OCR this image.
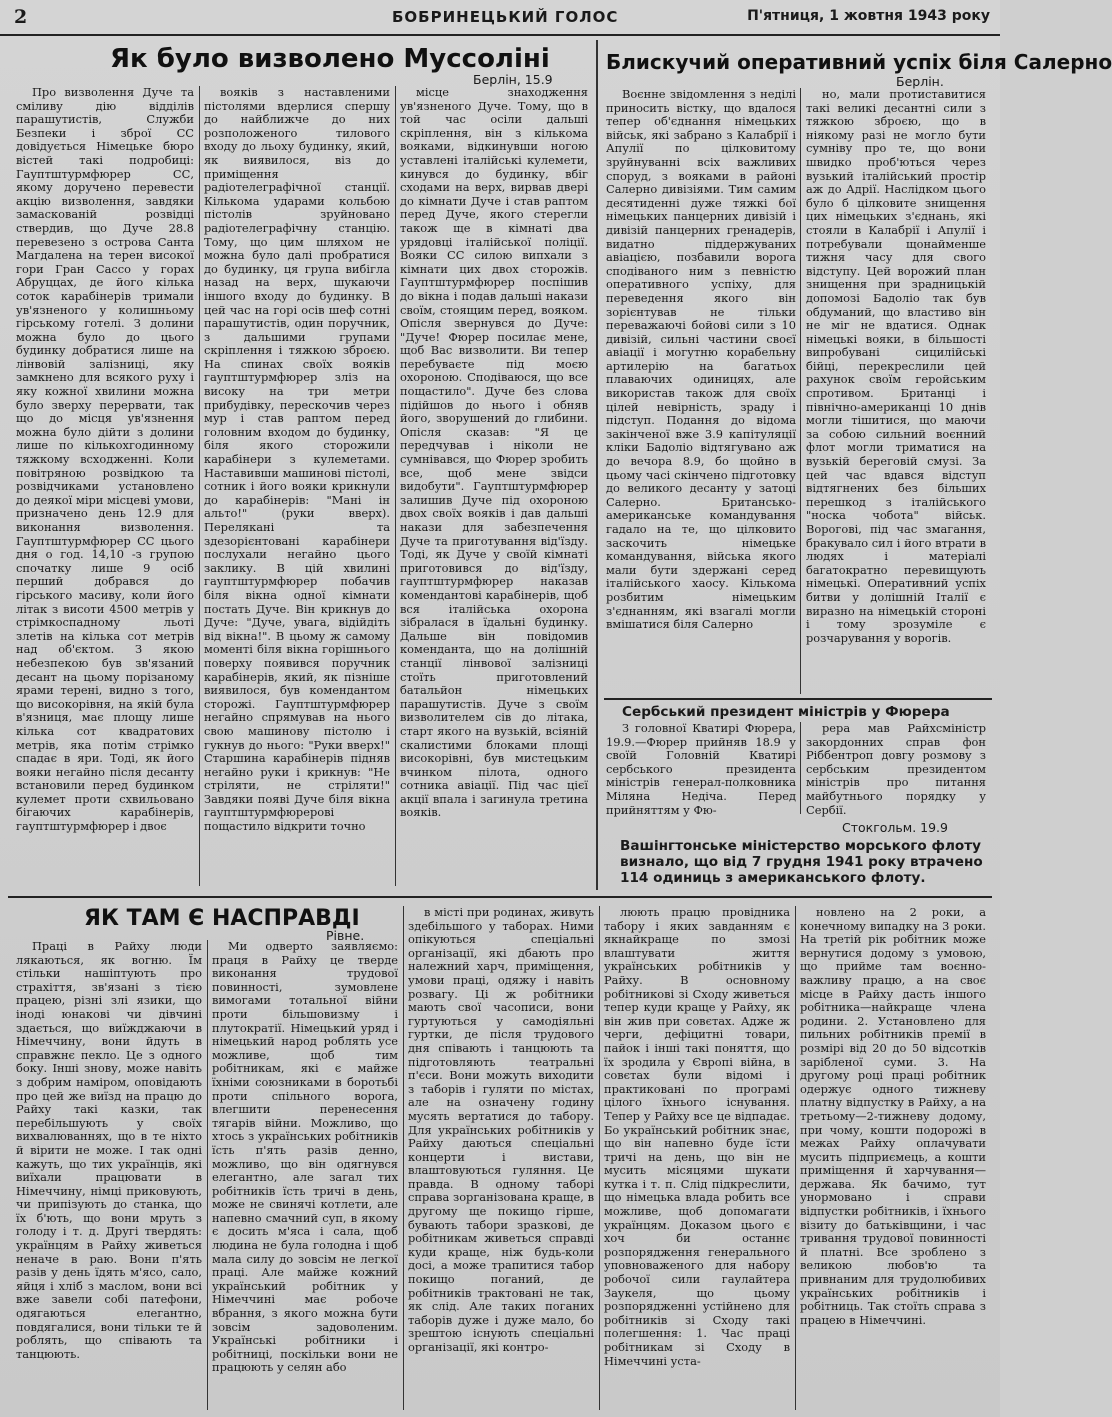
2	БОБРИНЕЦЬКИЙ ГОЛОС	П'ятниця, 1 жовтня 1943 року
Як було визволено Муссоліні
Берлін, 15.9

Про визволення Дуче та сміливу дію відділів парашутистів, Служби Безпеки і зброї СС довідується Німецьке бюро вістей такі подробиці: Гауптштурмфюрер СС, якому доручено перевести акцію визволення, завдяки замаскованій розвідці ствердив, що Дуче 28.8 перевезено з острова Санта Магдалена на терен високої гори Гран Сассо у горах Абруццах, де його кілька соток карабінерів тримали ув'язненого у колишньому гірському готелі. З долини можна було до цього будинку добратися лише на лінвовій залізниці, яку замкнено для всякого руху і яку кожної хвилини можна було зверху перервати, так що до місця ув'язнення можна було дійти з долини лише по кількохгодинному тяжкому всходженні. Коли повітряною розвідкою та розвідчиками установлено до деякої міри місцеві умови, призначено день 12.9 для виконання визволення. Гауптштурмфюрер СС цього дня о год. 14,10 -з групою спочатку лише 9 осіб перший добрався до гірського масиву, коли його літак з висоти 4500 метрів у стрімкоспадному льоті злетів на кілька сот метрів над об'єктом. З якою небезпекою був зв'язаний десант на цьому порізаному ярами терені, видно з того, що високорівня, на якій була в'язниця, має площу лише кілька сот квадратових метрів, яка потім стрімко спадає в яри. Тоді, як його вояки негайно після десанту встановили перед будинком кулемет проти схвильовано бігаючих карабінерів, гауптштурмфюрер і двоє

вояків з наставленими пістолями вдерлися спершу до найближче до них розположеного тилового входу до льоху будинку, який, як виявилося, віз до приміщення радіотелеграфічної станції. Кількома ударами кольбою пістолів зруйновано радіотелеграфічну станцію. Тому, що цим шляхом не можна було далі пробратися до будинку, ця група вибігла назад на верх, шукаючи іншого входу до будинку. В цей час на горі осів шеф сотні парашутистів, один поручник, з дальшими групами скріплення і тяжкою зброєю. На спинах своїх вояків гауптштурмфюрер зліз на високу на три метри прибудівку, перескочив через мур і став раптом перед головним входом до будинку, біля якого сторожили карабінери з кулеметами. Наставивши машинові пістолі, сотник і його вояки крикнули до карабінерів: "Мані ін альто!" (руки вверх). Переляканi та здезорієнтовані карабінери послухали негайно цього заклику. В цій хвилині гауптштурмфюрер побачив біля вікна одної кімнати постать Дуче. Він крикнув до Дуче: "Дуче, увага, відійдіть від вікна!". В цьому ж самому моменті біля вікна горішнього поверху появився поручник карабінерів, який, як пізніше виявилося, був комендантом сторожі. Гауптштурмфюрер негайно спрямував на нього свою машинову пістолю і гукнув до нього: "Руки вверх!" Старшина карабінерів підняв негайно руки і крикнув: "Не стріляти, не стріляти!" Завдяки появі Дуче біля вікна гауптштурмфюрерові пощастило відкрити точно

місце знаходження ув'язненого Дуче. Тому, що в той час осіли дальші скріплення, він з кількома вояками, відкинувши ногою уставлені італійські кулемети, кинувся до будинку, вбіг сходами на верх, вирвав двері до кімнати Дуче і став раптом перед Дуче, якого стерегли також ще в кімнаті два урядовці італійської поліції. Вояки СС силою випхали з кімнати цих двох сторожів. Гауптштурмфюрер поспішив до вікна і подав дальші накази своїм, стоящим перед, вояком. Опісля звернувся до Дуче: "Дуче! Фюрер посилає мене, щоб Вас визволити. Ви тепер перебуваєте під моєю охороною. Сподіваюся, що все пощастило". Дуче без слова підійшов до нього і обняв його, зворушений до глибини. Опісля сказав: "Я це передчував і ніколи не сумнівався, що Фюрер зробить все, щоб мене звідси видобути". Гауптштурмфюрер залишив Дуче під охороною двох своїх вояків і дав дальші накази для забезпечення Дуче та приготування від'їзду. Тоді, як Дуче у своїй кімнаті приготовився до від'їзду, гауптштурмфюрер наказав комендантові карабінерів, щоб вся італійська охорона зібралася в їдальні будинку. Дальше він повідомив коменданта, що на долішній станції лінвової залізниці стоїть приготовлений батальйон німецьких парашутистів. Дуче з своїм визволителем сів до літака, старт якого на вузькій, всіяній скалистими блоками площі високорівні, був мистецьким вчинком пілота, одного сотника авіації. Під час цієї акції впала і загинула третина вояків.

Блискучий оперативний успіх біля Салерно
Берлін.

Воєнне звідомлення з неділі приносить вістку, що вдалося тепер об'єднання німецьких військ, які забрано з Калабрії і Апулії по цілковитому зруйнуванні всіх важливих споруд, з вояками в районі Салерно дивізіями. Тим самим десятиденні дуже тяжкі бої німецьких панцерних дивізій і дивізій панцерних гренадерів, видатно піддержуваних авіацією, позбавили ворога сподіваного ним з певністю оперативного успіху, для переведення якого він зорієнтував не тільки переважаючі бойові сили з 10 дивізій, сильні частини своєї авіації і могутню корабельну артилерію на багатьох плаваючих одиницях, але використав також для своїх цілей невірність, зраду і підступ. Подання до відома закінченої вже 3.9 капітуляції кліки Бадоліо відтягувано аж до вечора 8.9, бо щойно в цьому часі скінчено підготовку до великого десанту у затоці Салерно. Британсько-американське командування гадало на те, що цілковито заскочить німецьке командування, війська якого мали бути здержані серед італійського хаосу. Кількома розбитим німецьким з'єднанням, які взагалі могли вмішатися біля Салерно

но, мали протиставитися такі великі десантні сили з тяжкою зброєю, що в ніякому разі не могло бути сумніву про те, що вони швидко проб'ються через вузький італійський простір аж до Адрії. Наслідком цього було б цілковите знищення цих німецьких з'єднань, які стояли в Калабрії і Апулії і потребували щонайменше тижня часу для свого відступу. Цей ворожий план знищення при зрадницькій допомозі Бадоліо так був обдуманий, що властиво він не міг не вдатися. Однак німецькі вояки, в більшості випробувані сицилійські бійці, перекреслили цей рахунок своїм геройським спротивом. Британці і північно-американці 10 днів могли тішитися, що маючи за собою сильний воєнний флот могли триматися на вузькій береговій смузі. За цей час вдався відступ відтягнених без більших перешкод з італійського "носка чобота" військ. Ворогові, під час змагання, бракувало сил і його втрати в людях і матеріалі багатократно перевищують німецькі. Оперативний успіх битви у долішній Італії є виразно на німецькій стороні і тому зрозуміле є розчарування у ворогів.

Сербський президент міністрів у Фюрера

З головної Кватирі Фюрера, 19.9.—Фюрер прийняв 18.9 у своїй Головній Кватирі сербського президента міністрів генерал-полковника Міляна Недіча. Перед прийняттям у Фю-

рера мав Райхсміністр закордонних справ фон Ріббентроп довгу розмову з сербським президентом міністрів про питання майбутнього порядку у Сербії.

Стокгольм. 19.9
Вашінгтонське міністерство морського флоту визнало, що від 7 грудня 1941 року втрачено 114 одиниць з американського флоту.
ЯК ТАМ Є НАСПРАВДІ
Рівне.

Праці в Райху люди лякаються, як вогню. Їм стільки нашіптують про страхіття, зв'язані з тією працею, різні злі язики, що іноді юнакові чи дівчині здається, що виїжджаючи в Німеччину, вони йдуть в справжнє пекло. Це з одного боку. Інші знову, може навіть з добрим наміром, оповідають про цей же виїзд на працю до Райху такі казки, так перебільшують у своїх вихвалюваннях, що в те ніхто й вірити не може. І так одні кажуть, що тих українців, які виїхали працювати в Німеччину, німці приковують, чи припізують до станка, що їх б'ють, що вони мруть з голоду і т. д. Другі твердять: українцям в Райху живеться неначе в раю. Вони п'ять разів у день їдять м'ясо, сало, яйця і хліб з маслом, вони всі вже завели собі патефони, одягаються елегантно, повдягалися, вони тільки те й роблять, що співають та танцюють.

Ми одверто заявляємо: праця в Райху це тверде виконання трудової повинності, зумовлене вимогами тотальної війни проти більшовизму і плутократії. Німецький уряд і німецький народ роблять усе можливе, щоб тим робітникам, які є майже їхніми союзниками в боротьбі проти спільного ворога, влегшити перенесення тягарів війни. Можливо, що хтось з українських робітників їсть п'ять разів денно, можливо, що він одягнувся елегантно, але загал тих робітників їсть тричі в день, може не свинячі котлети, але напевно смачний суп, в якому є досить м'яса і сала, щоб людина не була голодна і щоб мала силу до зовсім не легкої праці. Але майже кожний український робітник у Німеччині має робоче вбрання, з якого можна бути зовсім задоволеним. Українські робітники і робітниці, поскільки вони не працюють у селян або

в місті при родинах, живуть здебільшого у таборах. Ними опікуються спеціальні організації, які дбають про належний харч, приміщення, умови праці, одяжу і навіть розвагу. Ці ж робітники мають свої часописи, вони гуртуються у самодіяльні гуртки, де після трудового дня співають і танцюють та підготовляють театральні п'єси. Вони можуть виходити з таборів і гуляти по містах, але на означену годину мусять вертатися до табору. Для українських робітників у Райху даються спеціальні концерти і вистави, влаштовуються гуляння. Це правда. В одному таборі справа зорганізована краще, в другому ще покищо гірше, бувають табори зразкові, де робітникам живеться справді куди краще, ніж будь-коли досі, а може трапитися табор покищо поганий, де робітників трактовані не так, як слід. Але таких поганих таборів дуже і дуже мало, бо зрештою існують спеціальні організації, які контро-

люють працю провідника табору і яких завданням є якнайкраще по змозі влаштувати життя українських робітників у Райху. В основному робітникові зі Сходу живеться тепер куди краще у Райху, як він жив при совєтах. Адже ж черги, дефіцитні товари, пайок і інші такі поняття, що їх зродила у Європі війна, в совєтах були відомі і практиковані по програмі цілого їхнього існування. Тепер у Райху все це відпадає. Бо український робітник знає, що він напевно буде їсти тричі на день, що він не мусить місяцями шукати кутка і т. п. Слід підкреслити, що німецька влада робить все можливе, щоб допомагати українцям. Доказом цього є хоч би останнє розпорядження генерального уповноваженого для набору робочої сили гаулайтера Заукеля, що цьому розпорядженні устійнено для робітників зі Сходу такі полегшення: 1. Час праці робітникам зі Сходу в Німеччині уста-

новлено на 2 роки, а конечному випадку на 3 роки. На третій рік робітник може вернутися додому з умовою, що прийме там воєнно-важливу працю, а на своє місце в Райху дасть іншого робітника—найкраще члена родини. 2. Установлено для пильних робітників премії в розмірі від 20 до 50 відсотків зарібленої суми. 3. На другому році праці робітник одержує одного тижневу платну відпустку в Райху, а на третьому—2-тижневу додому, при чому, кошти подорожі в межах Райху оплачувати мусить підприємець, а кошти приміщення й харчування—держава. Як бачимо, тут унормовано і справи відпустки робітників, і їхнього візиту до батьківщини, і час тривання трудової повинності й платні. Все зроблено з великою любов'ю та привнаним для трудолюбивих українських робітників і робітниць. Так стоїть справа з працею в Німеччині.
